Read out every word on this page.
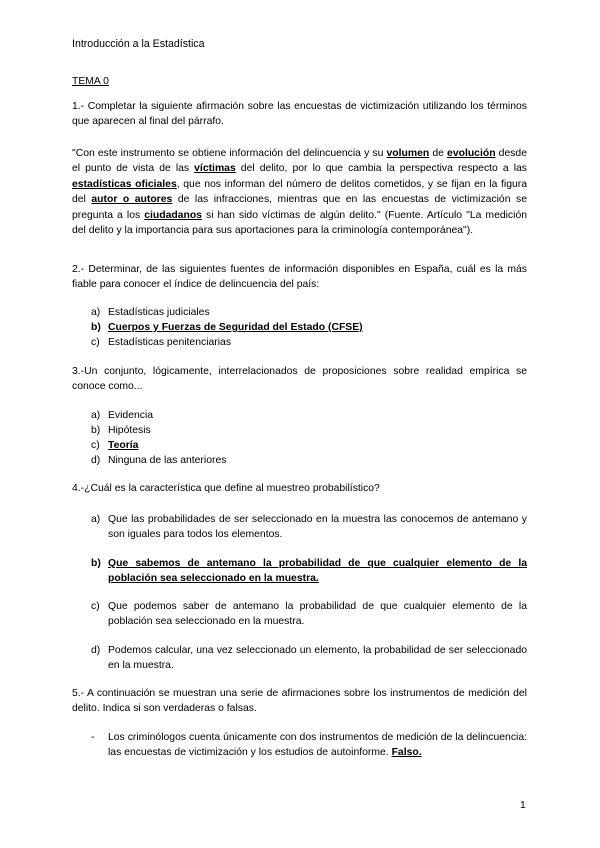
Introducción a la Estadística
TEMA 0
1.- Completar la siguiente afirmación sobre las encuestas de victimización utilizando los términos que aparecen al final del párrafo.
"Con este instrumento se obtiene información del delincuencia y su volumen de evolución desde el punto de vista de las víctimas del delito, por lo que cambia la perspectiva respecto a las estadísticas oficiales, que nos informan del número de delitos cometidos, y se fijan en la figura del autor o autores de las infracciones, mientras que en las encuestas de victimización se pregunta a los ciudadanos si han sido víctimas de algún delito." (Fuente. Artículo "La medición del delito y la importancia para sus aportaciones para la criminología contemporánea").
2.- Determinar, de las siguientes fuentes de información disponibles en España, cuál es la más fiable para conocer el índice de delincuencia del país:
a) Estadísticas judiciales
b) Cuerpos y Fuerzas de Seguridad del Estado (CFSE)
c) Estadísticas penitenciarias
3.-Un conjunto, lógicamente, interrelacionados de proposiciones sobre realidad empírica se conoce como...
a) Evidencia
b) Hipótesis
c) Teoría
d) Ninguna de las anteriores
4.-¿Cuál es la característica que define al muestreo probabilístico?
a) Que las probabilidades de ser seleccionado en la muestra las conocemos de antemano y son iguales para todos los elementos.
b) Que sabemos de antemano la probabilidad de que cualquier elemento de la población sea seleccionado en la muestra.
c) Que podemos saber de antemano la probabilidad de que cualquier elemento de la población sea seleccionado en la muestra.
d) Podemos calcular, una vez seleccionado un elemento, la probabilidad de ser seleccionado en la muestra.
5.- A continuación se muestran una serie de afirmaciones sobre los instrumentos de medición del delito. Indica si son verdaderas o falsas.
- Los criminólogos cuenta únicamente con dos instrumentos de medición de la delincuencia: las encuestas de victimización y los estudios de autoinforme. Falso.
1
